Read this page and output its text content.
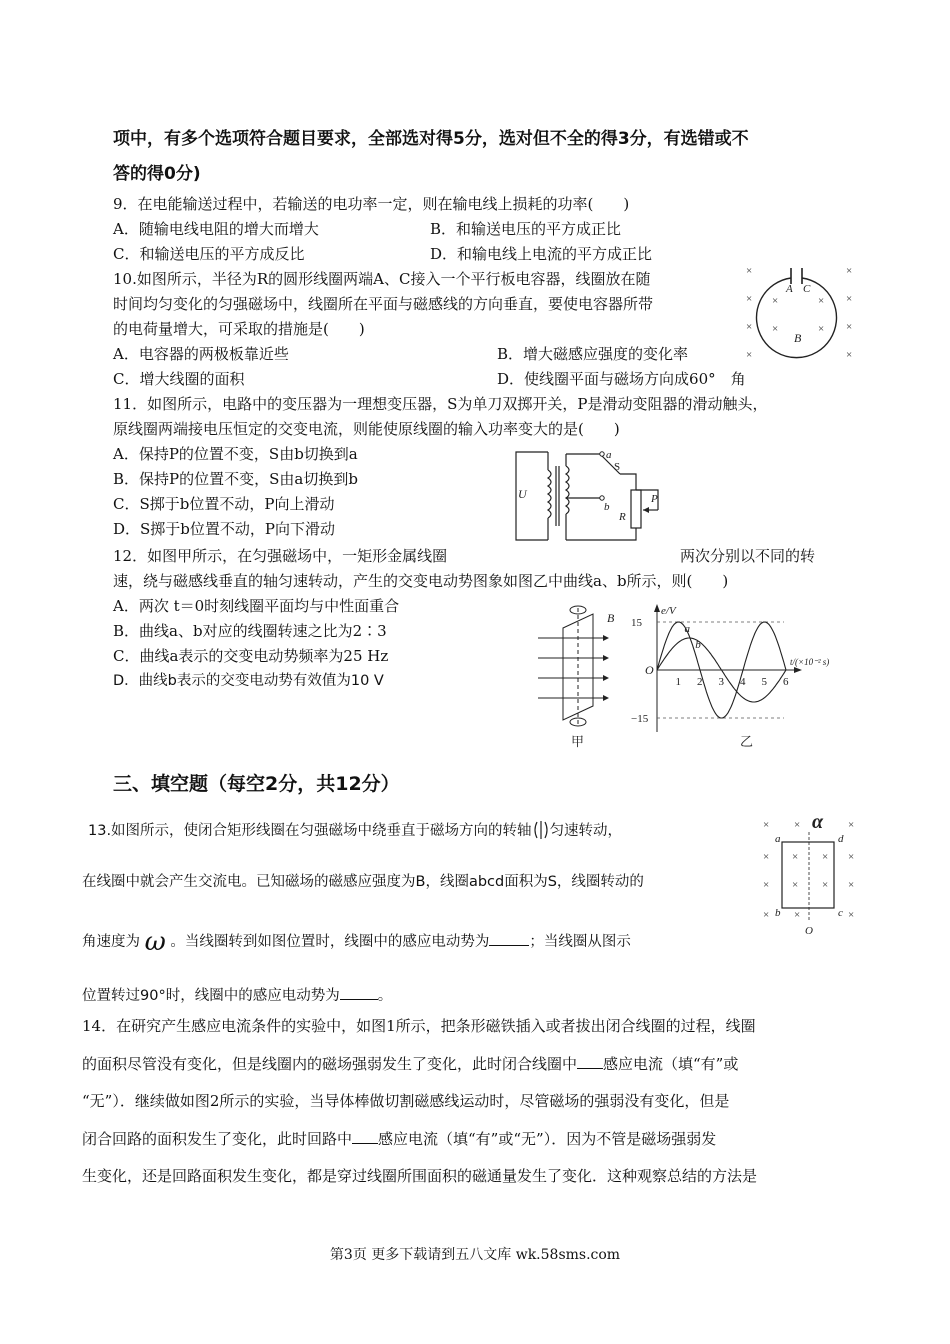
项中，有多个选项符合题目要求，全部选对得5分，选对但不全的得3分，有选错或不
答的得0分)
9．在电能输送过程中，若输送的电功率一定，则在输电线上损耗的功率(　　)
A．随输电线电阻的增大而增大	B．和输送电压的平方成正比
C．和输送电压的平方成反比	D．和输电线上电流的平方成正比
10.如图所示，半径为R的圆形线圈两端A、C接入一个平行板电容器，线圈放在随
时间均匀变化的匀强磁场中，线圈所在平面与磁感线的方向垂直，要使电容器所带
的电荷量增大，可采取的措施是(　　)
A．电容器的两极板靠近些	B．增大磁感应强度的变化率
C．增大线圈的面积	D．使线圈平面与磁场方向成60°　角
×	×
×	×
×	×
×	×
×	×
×	×
A C
B
11．如图所示，电路中的变压器为一理想变压器，S为单刀双掷开关，P是滑动变阻器的滑动触头，
原线圈两端接电压恒定的交变电流，则能使原线圈的输入功率变大的是(　　)
A．保持P的位置不变，S由b切换到a
B．保持P的位置不变，S由a切换到b
C．S掷于b位置不动，P向上滑动
D．S掷于b位置不动，P向下滑动
U
a
S
b
P
R
12．如图甲所示，在匀强磁场中，一矩形金属线圈	两次分别以不同的转
速，绕与磁感线垂直的轴匀速转动，产生的交变电动势图象如图乙中曲线a、b所示，则(　　)
A．两次 t＝0时刻线圈平面均与中性面重合
B．曲线a、b对应的线圈转速之比为2∶3
C．曲线a表示的交变电动势频率为25 Hz
D．曲线b表示的交变电动势有效值为10 V
B
甲
e/V
t/(×10⁻² s)
O
15
−15
1 2 3 4 5 6
a
b
乙
三、填空题（每空2分，共12分）
13.如图所示，使闭合矩形线圈在匀强磁场中绕垂直于磁场方向的转轴 匀速转动，
在线圈中就会产生交流电。已知磁场的磁感应强度为B，线圈abcd面积为S，线圈转动的
角速度为 ω 。当线圈转到如图位置时，线圈中的感应电动势为	；当线圈从图示
位置转过90°时，线圈中的感应电动势为	。
α
× ×	×
× × × ×
× × × ×
× ×	×
a	d
b	c
O
14．在研究产生感应电流条件的实验中，如图1所示，把条形磁铁插入或者拔出闭合线圈的过程，线圈
的面积尽管没有变化，但是线圈内的磁场强弱发生了变化，此时闭合线圈中 感应电流（填“有”或
“无”）．继续做如图2所示的实验，当导体棒做切割磁感线运动时，尽管磁场的强弱没有变化，但是
闭合回路的面积发生了变化，此时回路中 感应电流（填“有”或“无”）．因为不管是磁场强弱发
生变化，还是回路面积发生变化，都是穿过线圈所围面积的磁通量发生了变化．这种观察总结的方法是
第3页 更多下载请到五八文库 wk.58sms.com
